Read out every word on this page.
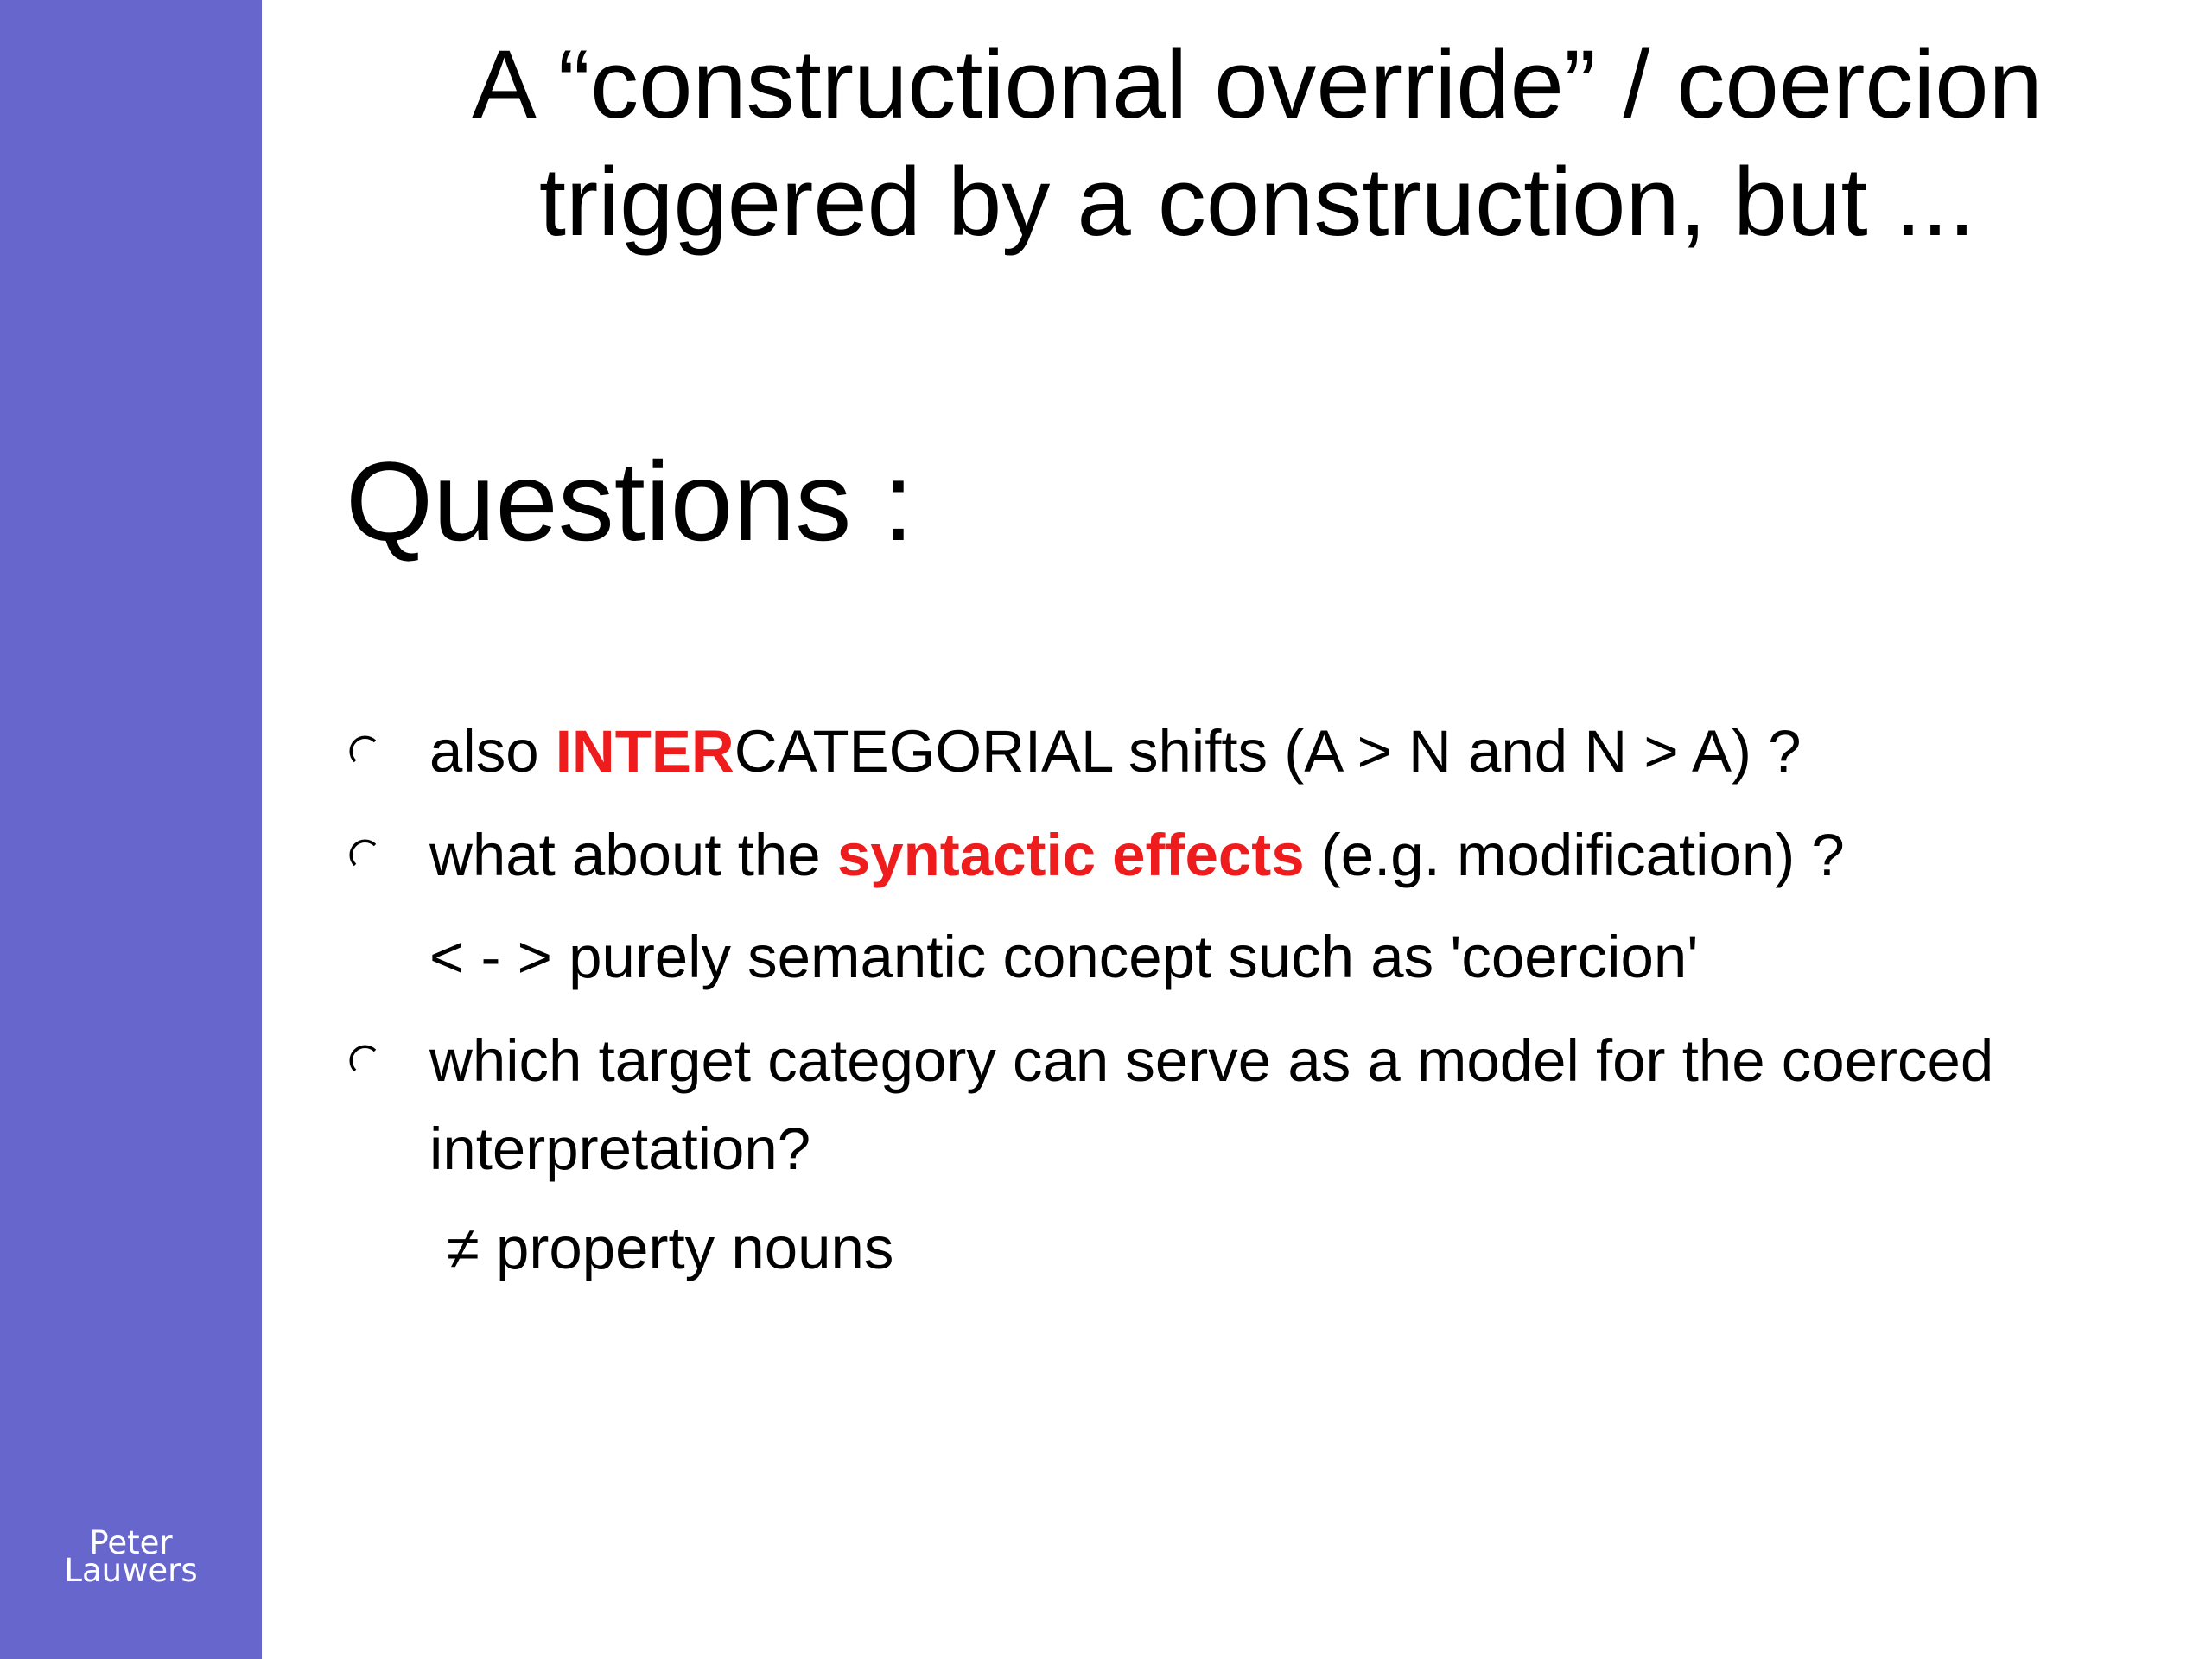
Peter
Lauwers
A “constructional override” / coercion
triggered by a construction, but ...
Questions :
also INTERCATEGORIAL shifts (A > N and N > A) ?
what about the syntactic effects (e.g. modification) ?
< - > purely semantic concept such as 'coercion'
which target category can serve as a model for the coerced
interpretation?
≠ property nouns
